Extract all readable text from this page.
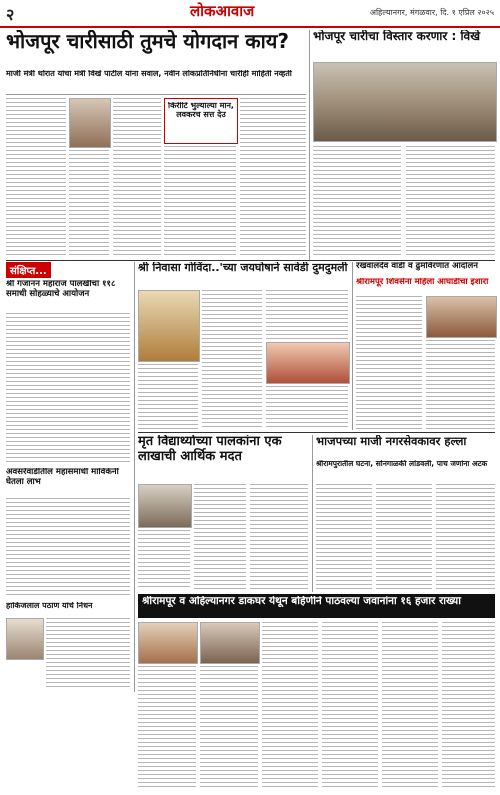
२	लोकआवाज	अहिल्यानगर, मंगळवार, दि. १ एप्रिल २०२५
भोजपूर चारीसाठी तुमचे योगदान काय?
माजी मंत्री थोरात यांचा मंत्री विखे पाटील यांना सवाल, नवीन लोकप्रतिनिधींना चारीही माहिती नव्हती
किरीटि भुल्याल्या मान,
लवकरच सत्त देउ
भोजपूर चारीचा विस्तार करणार : विखे
संक्षिप्त...
श्री गजानन महाराज पालखीचा ११८ समाधी सोहळ्याचे आयोजन
अवसरेवाडीतील महासमाधी माविकेनी घेतला लाभ
हाकिजलाल पठाण यांचे निधन
श्री निवासा गोविंदा..'च्या जयघोषाने सावेडी दुमदुमली रखवालदेव वाडी व ढुमविरणात आंदोलन
श्रीरामपूर शिवसेना महिला आघाडीचा इशारा
मृत विद्यार्थ्याच्या पालकांना एक लाखाची आर्थिक मदत
भाजपच्या माजी नगरसेवकावर हल्ला
श्रीरामपुरातील घटना, सोनगाळकी लांडवली, पाच जणांना अटक
श्रीरामपूर व अहिल्यानगर डाकघर येथून बहिणींने पाठवल्या जवानांना १६ हजार राख्या
